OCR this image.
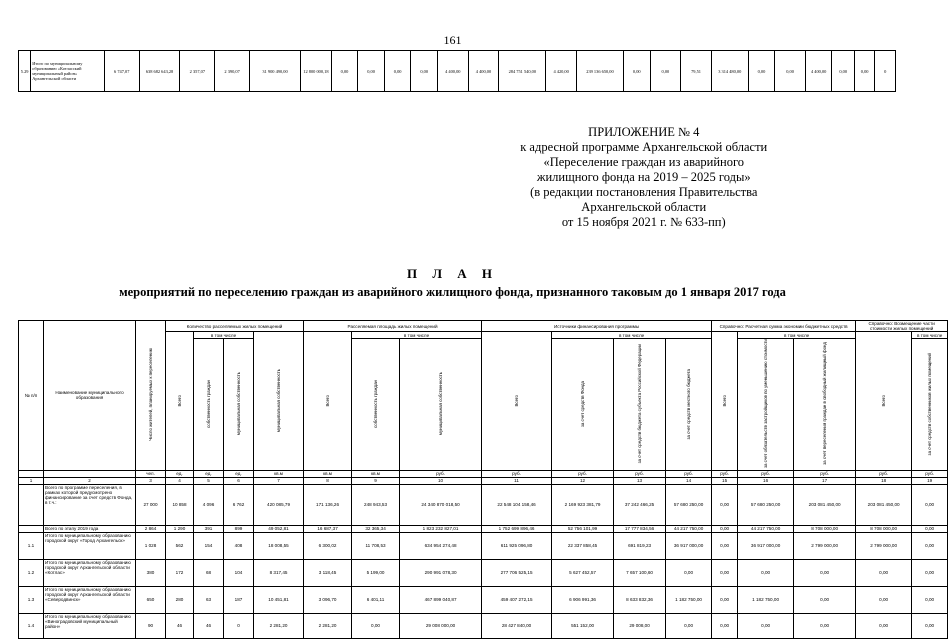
161
5.29	Итого по муниципальному образованию «Котласский муниципальный район» Архангельской области	6 747,07	638 682 643,28	2 357,07	2 390,07	31 900 490,00	12 800 000,18	0,00	0,00	0,00	0,00	4 400,00	4 400,00	284 751 540,00	4 420,00	239 136 650,00	0,00	0,00	79,51	3 314 480,00	0,00	0,00	4 400,00	0,00	0,00	0
ПРИЛОЖЕНИЕ № 4
к адресной программе Архангельской области
«Переселение граждан из аварийного
жилищного фонда на 2019 – 2025 годы»
(в редакции постановления Правительства
Архангельской области
от 15 ноября 2021 г. № 633-пп)
П Л А Н
мероприятий по переселению граждан из аварийного жилищного фонда, признанного таковым до 1 января 2017 года
№ п/п	Наименование муниципального образования	Число жителей, планируемых к переселению	Количество расселяемых жилых помещений				Расселяемая площадь жилых помещений			Источники финансирования программы				Справочно: Расчетная сумма экономии бюджетных средств			Справочно: Возмещение части стоимости жилых помещений		
			Всего	в том числе		муниципальная собственность	Всего	в том числе		Всего	в том числе			Всего	в том числе		Всего	в том числе	
				собственность граждан	муниципальная собственность			собственность граждан	муниципальная собственность		за счет средств Фонда	за счет средств бюджета субъекта Российской Федерации	за счет средств местного бюджета		за счет обязательств застройщиков по уменьшению стоимости	за счет переселения граждан в свободный жилищный фонд		за счет средств собственников жилых помещений	
		чел.	ед.	ед.	ед.	кв.м	кв.м	кв.м	руб.	руб.	руб.	руб.	руб.	руб.	руб.	руб.	руб.	руб.	
1	2	3	4	5	6	7	8	9	10	11	12	13	14	15	16	17	18	19	
	Всего по программе переселения, в рамках которой предусмотрено финансирование за счет средств Фонда, в т.ч.:	27 000	10 858	4 096	6 762	420 085,79	171 136,26	248 943,53	24 340 870 018,50	22 548 104 158,46	2 169 923 381,79	37 242 466,25	57 680 250,00	0,00	57 680 250,00	203 081 450,00	203 081 450,00	0,00	
	Всего по этапу 2019 года	2 864	1 290	391	899	49 052,81	16 687,37	32 365,34	1 823 232 827,01	1 752 699 896,46	52 756 101,99	17 777 834,56	44 217 750,00	0,00	44 217 750,00	8 708 000,00	8 708 000,00	0,00	
1.1	Итого по муниципальному образованию городской округ «Город Архангельск»	1 028	562	154	408	18 008,55	6 300,02	11 708,53	634 954 274,48	611 925 096,80	22 337 858,45	691 819,23	36 917 000,00	0,00	36 917 000,00	2 799 000,00	2 799 000,00	0,00	
1.2	Итого по муниципальному образованию городской округ Архангельской области «Котлас»	380	172	68	104	8 317,45	3 118,45	5 199,00	290 991 078,30	277 706 525,15	5 627 452,57	7 657 100,60	0,00	0,00	0,00	0,00	0,00	0,00	
1.3	Итого по муниципальному образованию городской округ Архангельской области «Северодвинск»	650	280	63	187	10 451,81	3 096,70	6 401,11	467 899 040,87	459 407 272,15	6 906 991,36	8 633 832,36	1 182 750,00	0,00	1 182 750,00	0,00	0,00	0,00	
1.4	Итого по муниципальному образованию «Виноградовский муниципальный район»	90	46	46	0	2 281,20	2 281,20	0,00	29 008 000,00	28 427 840,00	551 152,00	29 008,00	0,00	0,00	0,00	0,00	0,00	0,00	
